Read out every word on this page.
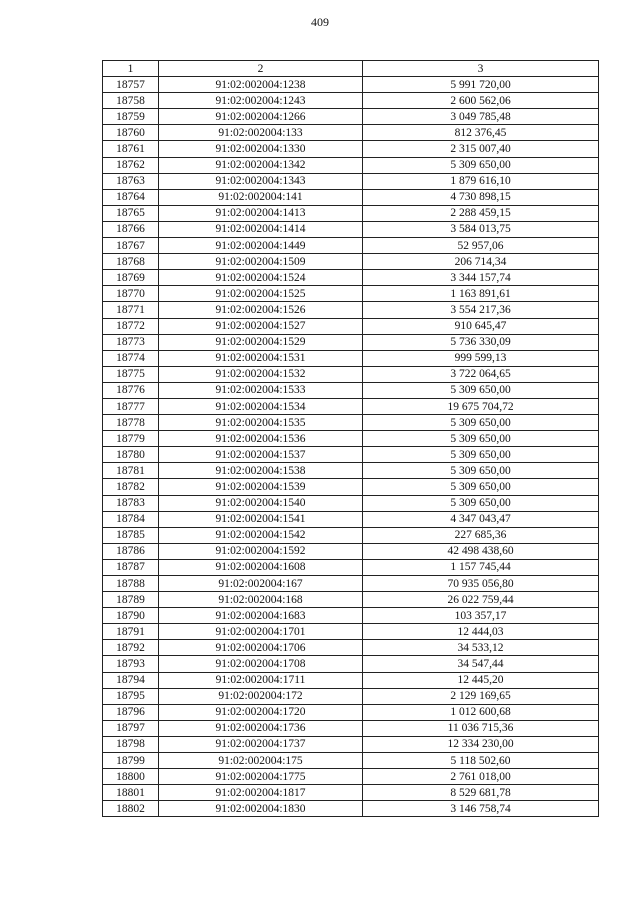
409
1	2	3
18757	91:02:002004:1238	5 991 720,00
18758	91:02:002004:1243	2 600 562,06
18759	91:02:002004:1266	3 049 785,48
18760	91:02:002004:133	812 376,45
18761	91:02:002004:1330	2 315 007,40
18762	91:02:002004:1342	5 309 650,00
18763	91:02:002004:1343	1 879 616,10
18764	91:02:002004:141	4 730 898,15
18765	91:02:002004:1413	2 288 459,15
18766	91:02:002004:1414	3 584 013,75
18767	91:02:002004:1449	52 957,06
18768	91:02:002004:1509	206 714,34
18769	91:02:002004:1524	3 344 157,74
18770	91:02:002004:1525	1 163 891,61
18771	91:02:002004:1526	3 554 217,36
18772	91:02:002004:1527	910 645,47
18773	91:02:002004:1529	5 736 330,09
18774	91:02:002004:1531	999 599,13
18775	91:02:002004:1532	3 722 064,65
18776	91:02:002004:1533	5 309 650,00
18777	91:02:002004:1534	19 675 704,72
18778	91:02:002004:1535	5 309 650,00
18779	91:02:002004:1536	5 309 650,00
18780	91:02:002004:1537	5 309 650,00
18781	91:02:002004:1538	5 309 650,00
18782	91:02:002004:1539	5 309 650,00
18783	91:02:002004:1540	5 309 650,00
18784	91:02:002004:1541	4 347 043,47
18785	91:02:002004:1542	227 685,36
18786	91:02:002004:1592	42 498 438,60
18787	91:02:002004:1608	1 157 745,44
18788	91:02:002004:167	70 935 056,80
18789	91:02:002004:168	26 022 759,44
18790	91:02:002004:1683	103 357,17
18791	91:02:002004:1701	12 444,03
18792	91:02:002004:1706	34 533,12
18793	91:02:002004:1708	34 547,44
18794	91:02:002004:1711	12 445,20
18795	91:02:002004:172	2 129 169,65
18796	91:02:002004:1720	1 012 600,68
18797	91:02:002004:1736	11 036 715,36
18798	91:02:002004:1737	12 334 230,00
18799	91:02:002004:175	5 118 502,60
18800	91:02:002004:1775	2 761 018,00
18801	91:02:002004:1817	8 529 681,78
18802	91:02:002004:1830	3 146 758,74
